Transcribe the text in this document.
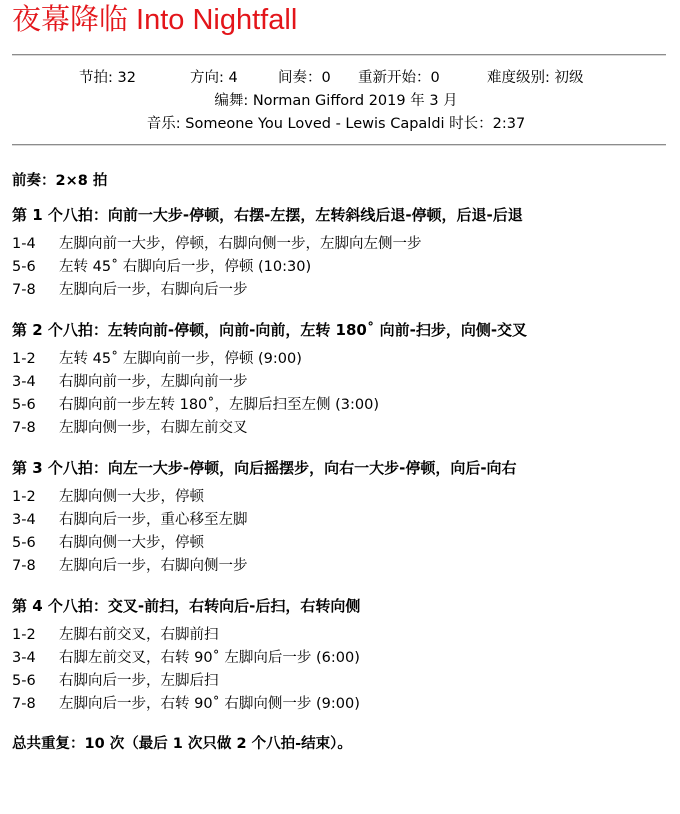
夜幕降临 Into Nightfall
节拍: 32	方向: 4	间奏：0 重新开始：0	难度级别: 初级
编舞: Norman Gifford 2019 年 3 月
音乐: Someone You Loved - Lewis Capaldi 时长：2:37
前奏：2×8 拍
第 1 个八拍：向前一大步-停顿，右摆-左摆，左转斜线后退-停顿，后退-后退
1-4	左脚向前一大步，停顿，右脚向侧一步，左脚向左侧一步
5-6	左转 45˚ 右脚向后一步，停顿 (10:30)
7-8	左脚向后一步，右脚向后一步
第 2 个八拍：左转向前-停顿，向前-向前，左转 180˚ 向前-扫步，向侧-交叉
1-2	左转 45˚ 左脚向前一步，停顿 (9:00)
3-4	右脚向前一步，左脚向前一步
5-6	右脚向前一步左转 180˚，左脚后扫至左侧 (3:00)
7-8	左脚向侧一步，右脚左前交叉
第 3 个八拍：向左一大步-停顿，向后摇摆步，向右一大步-停顿，向后-向右
1-2	左脚向侧一大步，停顿
3-4	右脚向后一步，重心移至左脚
5-6	右脚向侧一大步，停顿
7-8	左脚向后一步，右脚向侧一步
第 4 个八拍：交叉-前扫，右转向后-后扫，右转向侧
1-2	左脚右前交叉，右脚前扫
3-4	右脚左前交叉，右转 90˚ 左脚向后一步 (6:00)
5-6	右脚向后一步，左脚后扫
7-8	左脚向后一步，右转 90˚ 右脚向侧一步 (9:00)
总共重复：10 次（最后 1 次只做 2 个八拍-结束）。
